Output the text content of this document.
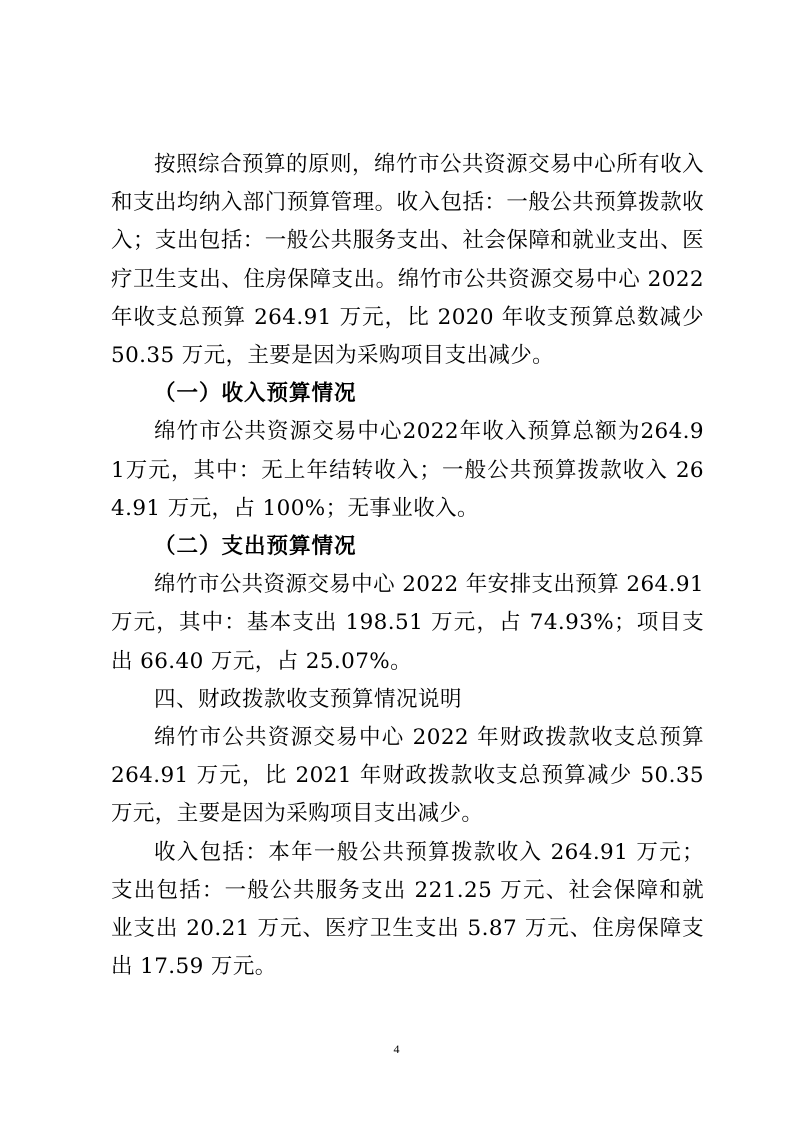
按照综合预算的原则，绵竹市公共资源交易中心所有收入和支出均纳入部门预算管理。收入包括：一般公共预算拨款收入；支出包括：一般公共服务支出、社会保障和就业支出、医疗卫生支出、住房保障支出。绵竹市公共资源交易中心 2022 年收支总预算 264.91 万元，比 2020 年收支预算总数减少 50.35 万元，主要是因为采购项目支出减少。

（一）收入预算情况

绵竹市公共资源交易中心2022年收入预算总额为264.91万元，其中：无上年结转收入；一般公共预算拨款收入 264.91 万元，占 100%；无事业收入。

（二）支出预算情况

绵竹市公共资源交易中心 2022 年安排支出预算 264.91 万元，其中：基本支出 198.51 万元，占 74.93%；项目支出 66.40 万元，占 25.07%。

四、财政拨款收支预算情况说明

绵竹市公共资源交易中心 2022 年财政拨款收支总预算 264.91 万元，比 2021 年财政拨款收支总预算减少 50.35 万元，主要是因为采购项目支出减少。

收入包括：本年一般公共预算拨款收入 264.91 万元；支出包括：一般公共服务支出 221.25 万元、社会保障和就业支出 20.21 万元、医疗卫生支出 5.87 万元、住房保障支出 17.59 万元。

4
